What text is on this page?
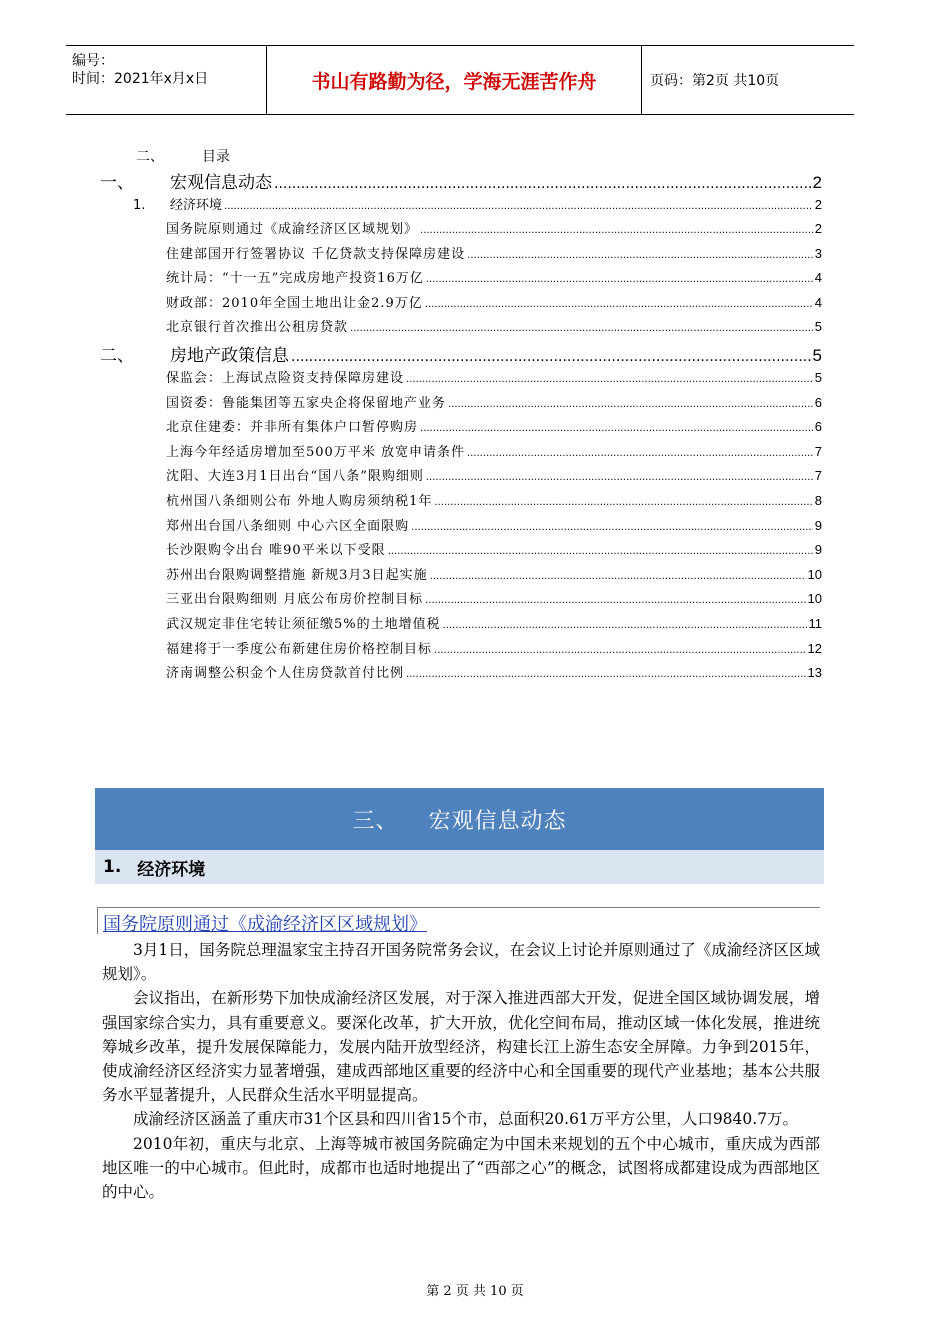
编号：
时间：2021年x月x日	书山有路勤为径，学海无涯苦作舟	页码：第2页 共10页
二、	目录
一、	宏观信息动态 .....	2
1.	经济环境 .....	2
国务院原则通过《成渝经济区区域规划》 .....	2
住建部国开行签署协议 千亿贷款支持保障房建设 .....	3
统计局：“十一五”完成房地产投资16万亿 .....	4
财政部：2010年全国土地出让金2.9万亿 .....	4
北京银行首次推出公租房贷款 .....	5
二、	房地产政策信息 .....	5
保监会：上海试点险资支持保障房建设 .....	5
国资委：鲁能集团等五家央企将保留地产业务 .....	6
北京住建委：并非所有集体户口暂停购房 .....	6
上海今年经适房增加至500万平米 放宽申请条件 .....	7
沈阳、大连3月1日出台“国八条”限购细则 .....	7
杭州国八条细则公布 外地人购房须纳税1年 .....	8
郑州出台国八条细则 中心六区全面限购 .....	9
长沙限购令出台 唯90平米以下受限 .....	9
苏州出台限购调整措施 新规3月3日起实施 .....	10
三亚出台限购细则 月底公布房价控制目标 .....	10
武汉规定非住宅转让须征缴5%的土地增值税 .....	11
福建将于一季度公布新建住房价格控制目标 .....	12
济南调整公积金个人住房贷款首付比例 .....	13
三、 宏观信息动态
1. 经济环境
国务院原则通过《成渝经济区区域规划》

3月1日，国务院总理温家宝主持召开国务院常务会议，在会议上讨论并原则通过了《成渝经济区区域规划》。

会议指出，在新形势下加快成渝经济区发展，对于深入推进西部大开发，促进全国区域协调发展，增强国家综合实力，具有重要意义。要深化改革，扩大开放，优化空间布局，推动区域一体化发展，推进统筹城乡改革，提升发展保障能力，发展内陆开放型经济，构建长江上游生态安全屏障。力争到2015年，使成渝经济区经济实力显著增强，建成西部地区重要的经济中心和全国重要的现代产业基地；基本公共服务水平显著提升，人民群众生活水平明显提高。

成渝经济区涵盖了重庆市31个区县和四川省15个市，总面积20.61万平方公里，人口9840.7万。

2010年初，重庆与北京、上海等城市被国务院确定为中国未来规划的五个中心城市，重庆成为西部地区唯一的中心城市。但此时，成都市也适时地提出了“西部之心”的概念，试图将成都建设成为西部地区的中心。

第 2 页 共 10 页
